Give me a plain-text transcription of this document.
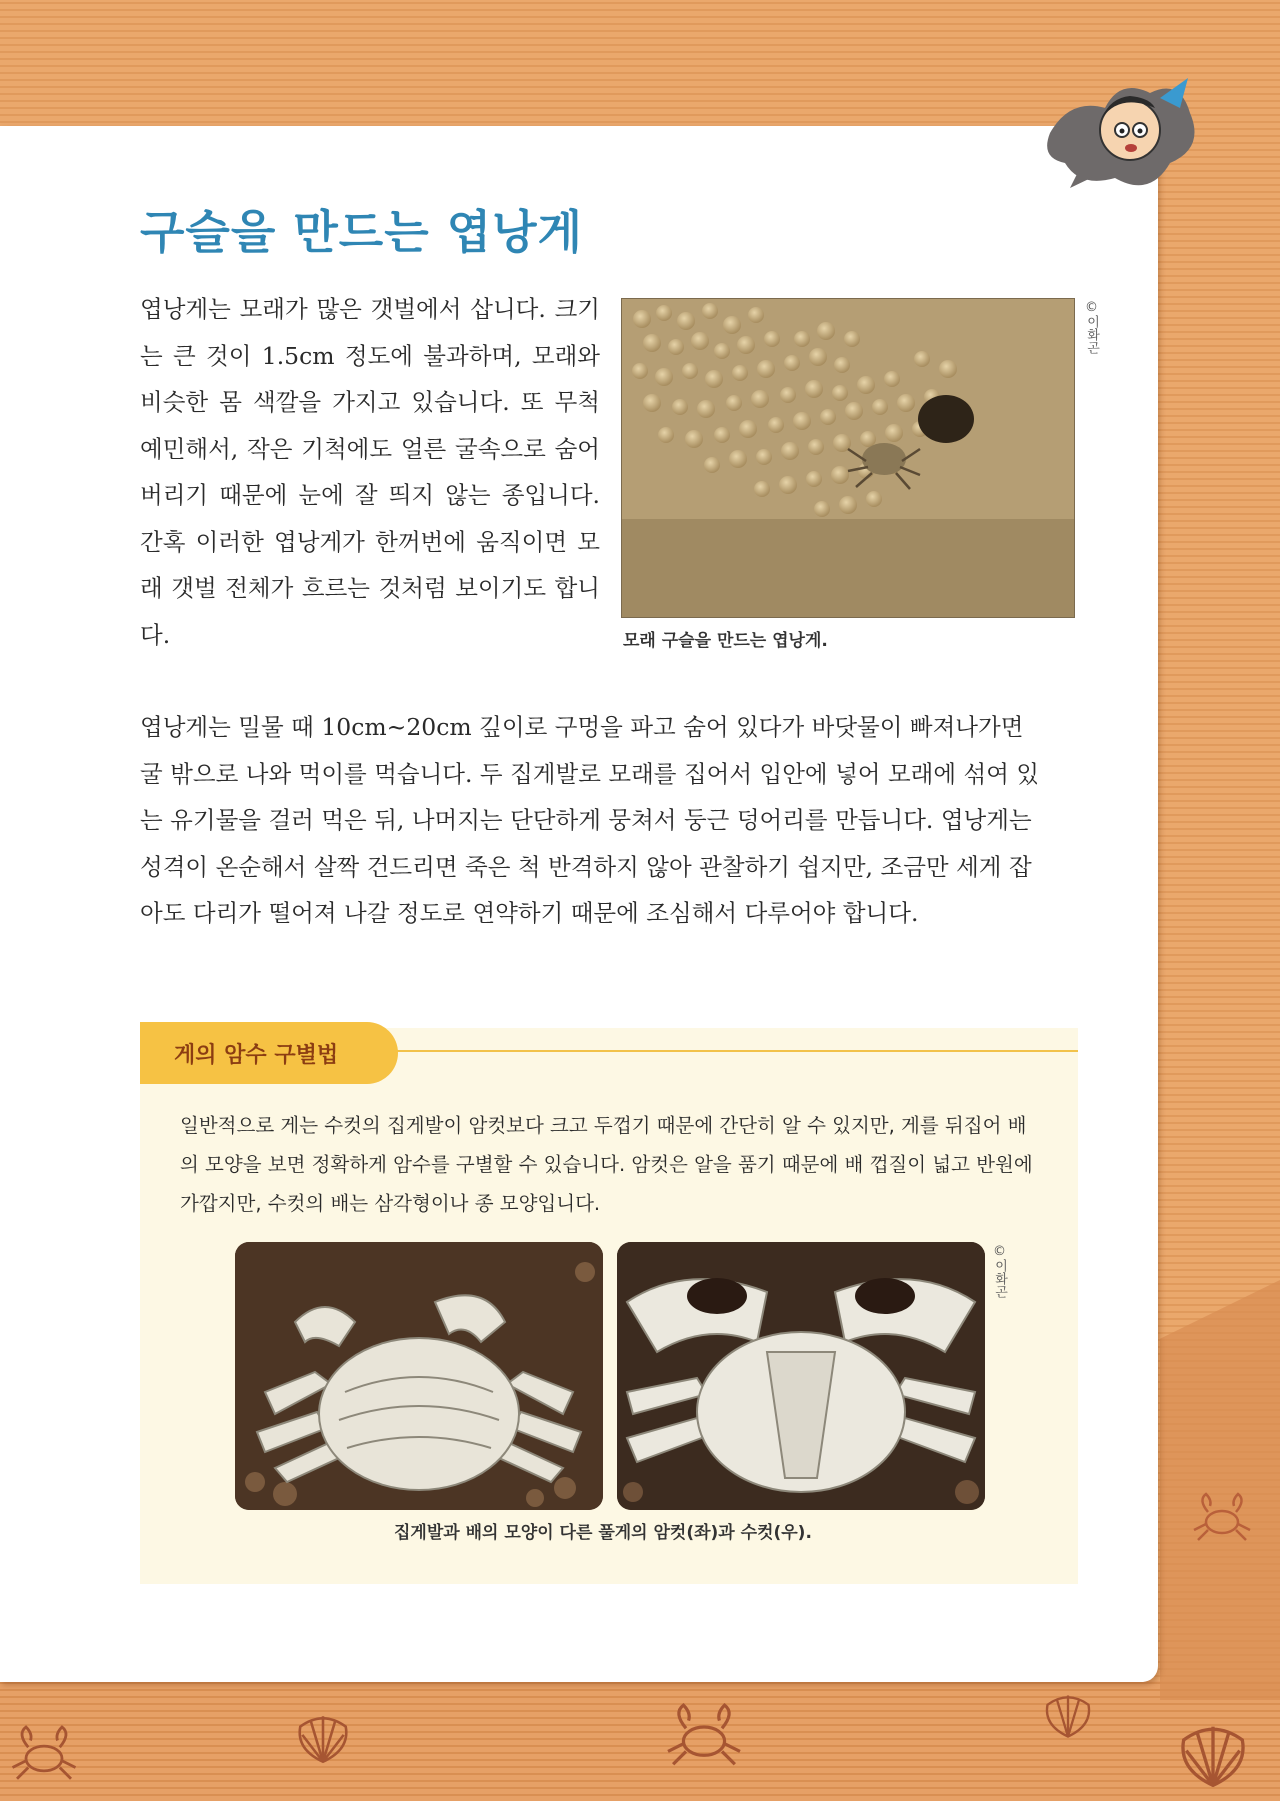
구슬을 만드는 엽낭게

엽낭게는 모래가 많은 갯벌에서 삽니다. 크기는 큰 것이 1.5cm 정도에 불과하며, 모래와 비슷한 몸 색깔을 가지고 있습니다. 또 무척 예민해서, 작은 기척에도 얼른 굴속으로 숨어 버리기 때문에 눈에 잘 띄지 않는 종입니다. 간혹 이러한 엽낭게가 한꺼번에 움직이면 모래 갯벌 전체가 흐르는 것처럼 보이기도 합니다.

©이화곤
모래 구슬을 만드는 엽낭게.

엽낭게는 밀물 때 10cm~20cm 깊이로 구멍을 파고 숨어 있다가 바닷물이 빠져나가면 굴 밖으로 나와 먹이를 먹습니다. 두 집게발로 모래를 집어서 입안에 넣어 모래에 섞여 있는 유기물을 걸러 먹은 뒤, 나머지는 단단하게 뭉쳐서 둥근 덩어리를 만듭니다. 엽낭게는 성격이 온순해서 살짝 건드리면 죽은 척 반격하지 않아 관찰하기 쉽지만, 조금만 세게 잡아도 다리가 떨어져 나갈 정도로 연약하기 때문에 조심해서 다루어야 합니다.

게의 암수 구별법

일반적으로 게는 수컷의 집게발이 암컷보다 크고 두껍기 때문에 간단히 알 수 있지만, 게를 뒤집어 배의 모양을 보면 정확하게 암수를 구별할 수 있습니다. 암컷은 알을 품기 때문에 배 껍질이 넓고 반원에 가깝지만, 수컷의 배는 삼각형이나 종 모양입니다.

©이화곤
집게발과 배의 모양이 다른 풀게의 암컷(좌)과 수컷(우).
